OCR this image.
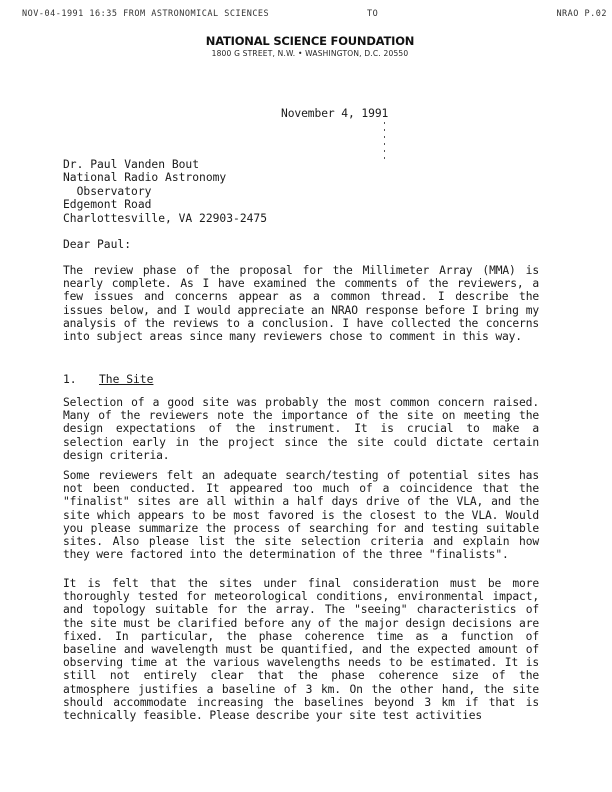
NOV-04-1991 16:35 FROM ASTRONOMICAL SCIENCES	TO	NRAO P.02
NATIONAL SCIENCE FOUNDATION
1800 G STREET, N.W. • WASHINGTON, D.C. 20550
November 4, 1991
Dr. Paul Vanden Bout
National Radio Astronomy
Observatory
Edgemont Road
Charlottesville, VA 22903-2475
Dear Paul:
The review phase of the proposal for the Millimeter Array (MMA) is nearly complete. As I have examined the comments of the reviewers, a few issues and concerns appear as a common thread. I describe the issues below, and I would appreciate an NRAO response before I bring my analysis of the reviews to a conclusion. I have collected the concerns into subject areas since many reviewers chose to comment in this way.
1. The Site
Selection of a good site was probably the most common concern raised. Many of the reviewers note the importance of the site on meeting the design expectations of the instrument. It is crucial to make a selection early in the project since the site could dictate certain design criteria.
Some reviewers felt an adequate search/testing of potential sites has not been conducted. It appeared too much of a coincidence that the "finalist" sites are all within a half days drive of the VLA, and the site which appears to be most favored is the closest to the VLA. Would you please summarize the process of searching for and testing suitable sites. Also please list the site selection criteria and explain how they were factored into the determination of the three "finalists".
It is felt that the sites under final consideration must be more thoroughly tested for meteorological conditions, environmental impact, and topology suitable for the array. The "seeing" characteristics of the site must be clarified before any of the major design decisions are fixed. In particular, the phase coherence time as a function of baseline and wavelength must be quantified, and the expected amount of observing time at the various wavelengths needs to be estimated. It is still not entirely clear that the phase coherence size of the atmosphere justifies a baseline of 3 km. On the other hand, the site should accommodate increasing the baselines beyond 3 km if that is technically feasible. Please describe your site test activities
